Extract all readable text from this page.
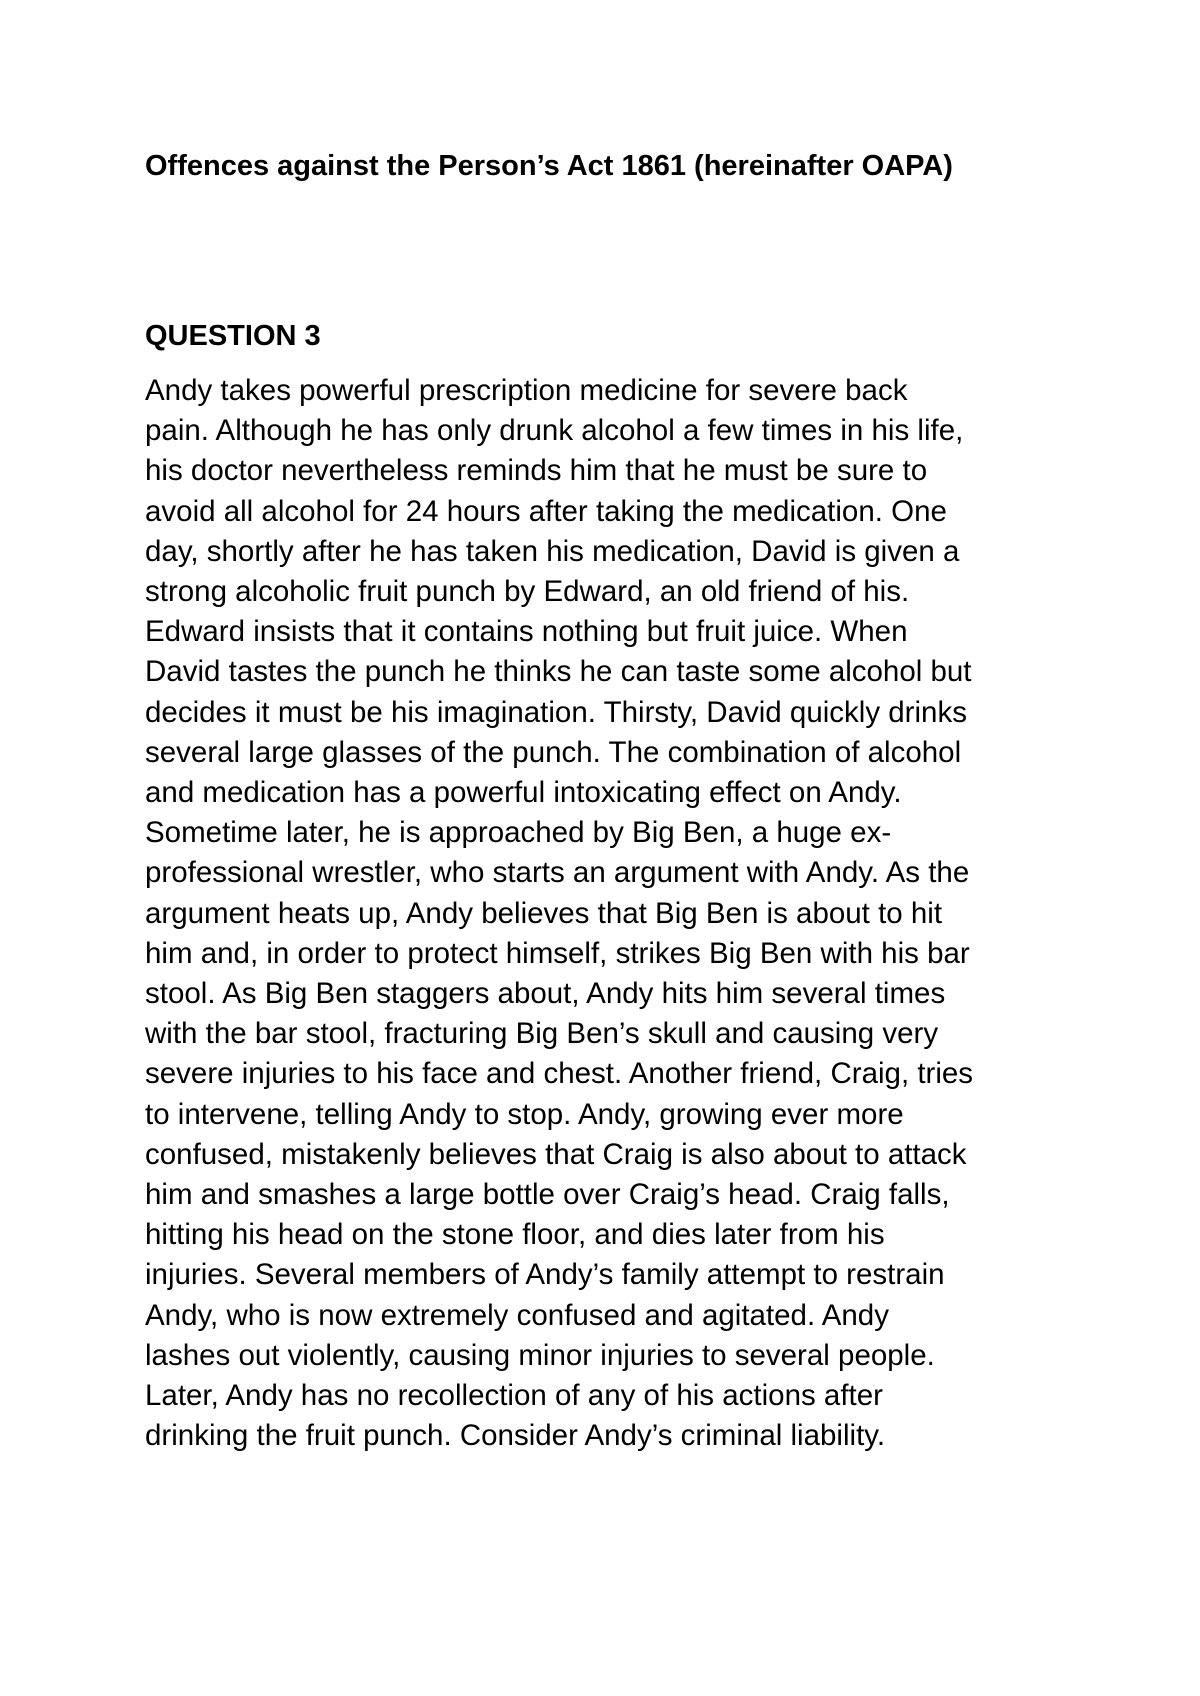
Offences against the Person’s Act 1861 (hereinafter OAPA)
QUESTION 3

Andy takes powerful prescription medicine for severe back
pain. Although he has only drunk alcohol a few times in his life,
his doctor nevertheless reminds him that he must be sure to
avoid all alcohol for 24 hours after taking the medication. One
day, shortly after he has taken his medication, David is given a
strong alcoholic fruit punch by Edward, an old friend of his.
Edward insists that it contains nothing but fruit juice. When
David tastes the punch he thinks he can taste some alcohol but
decides it must be his imagination. Thirsty, David quickly drinks
several large glasses of the punch. The combination of alcohol
and medication has a powerful intoxicating effect on Andy.
Sometime later, he is approached by Big Ben, a huge ex-
professional wrestler, who starts an argument with Andy. As the
argument heats up, Andy believes that Big Ben is about to hit
him and, in order to protect himself, strikes Big Ben with his bar
stool. As Big Ben staggers about, Andy hits him several times
with the bar stool, fracturing Big Ben’s skull and causing very
severe injuries to his face and chest. Another friend, Craig, tries
to intervene, telling Andy to stop. Andy, growing ever more
confused, mistakenly believes that Craig is also about to attack
him and smashes a large bottle over Craig’s head. Craig falls,
hitting his head on the stone floor, and dies later from his
injuries. Several members of Andy’s family attempt to restrain
Andy, who is now extremely confused and agitated. Andy
lashes out violently, causing minor injuries to several people.
Later, Andy has no recollection of any of his actions after
drinking the fruit punch. Consider Andy’s criminal liability.
